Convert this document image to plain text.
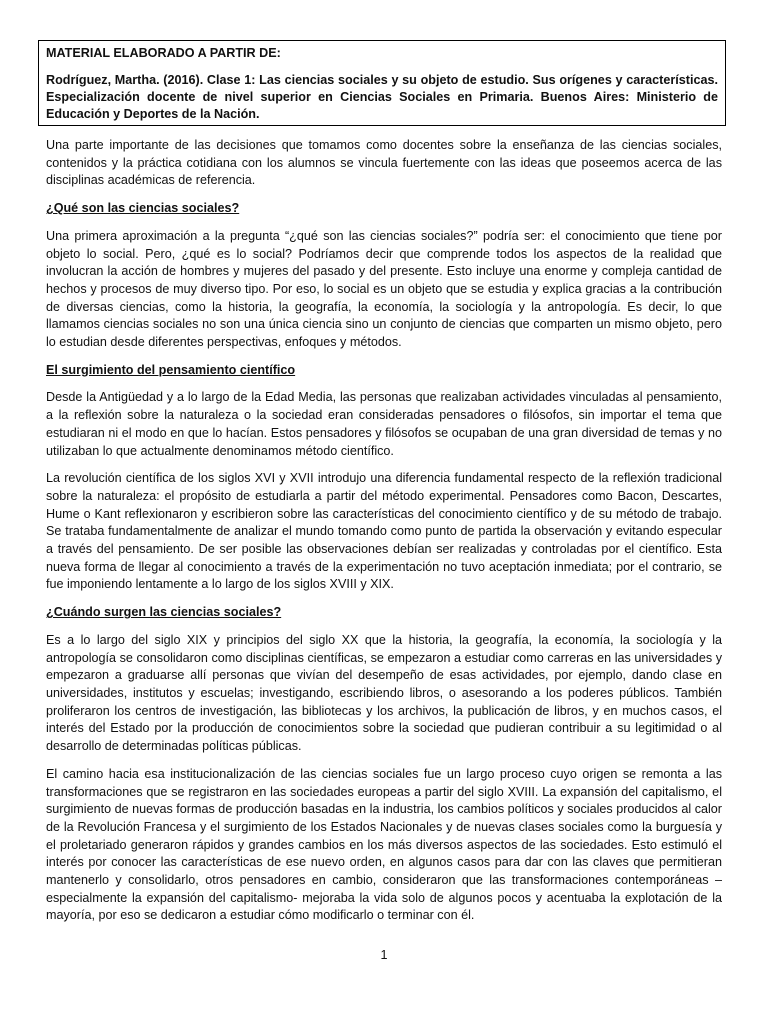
MATERIAL ELABORADO A PARTIR DE:

Rodríguez, Martha. (2016). Clase 1: Las ciencias sociales y su objeto de estudio. Sus orígenes y características. Especialización docente de nivel superior en Ciencias Sociales en Primaria. Buenos Aires: Ministerio de Educación y Deportes de la Nación.

Una parte importante de las decisiones que tomamos como docentes sobre la enseñanza de las ciencias sociales, contenidos y la práctica cotidiana con los alumnos se vincula fuertemente con las ideas que poseemos acerca de las disciplinas académicas de referencia.

¿Qué son las ciencias sociales?

Una primera aproximación a la pregunta “¿qué son las ciencias sociales?” podría ser: el conocimiento que tiene por objeto lo social. Pero, ¿qué es lo social? Podríamos decir que comprende todos los aspectos de la realidad que involucran la acción de hombres y mujeres del pasado y del presente. Esto incluye una enorme y compleja cantidad de hechos y procesos de muy diverso tipo. Por eso, lo social es un objeto que se estudia y explica gracias a la contribución de diversas ciencias, como la historia, la geografía, la economía, la sociología y la antropología. Es decir, lo que llamamos ciencias sociales no son una única ciencia sino un conjunto de ciencias que comparten un mismo objeto, pero lo estudian desde diferentes perspectivas, enfoques y métodos.

El surgimiento del pensamiento científico

Desde la Antigüedad y a lo largo de la Edad Media, las personas que realizaban actividades vinculadas al pensamiento, a la reflexión sobre la naturaleza o la sociedad eran consideradas pensadores o filósofos, sin importar el tema que estudiaran ni el modo en que lo hacían. Estos pensadores y filósofos se ocupaban de una gran diversidad de temas y no utilizaban lo que actualmente denominamos método científico.

La revolución científica de los siglos XVI y XVII introdujo una diferencia fundamental respecto de la reflexión tradicional sobre la naturaleza: el propósito de estudiarla a partir del método experimental. Pensadores como Bacon, Descartes, Hume o Kant reflexionaron y escribieron sobre las características del conocimiento científico y de su método de trabajo. Se trataba fundamentalmente de analizar el mundo tomando como punto de partida la observación y evitando especular a través del pensamiento. De ser posible las observaciones debían ser realizadas y controladas por el científico. Esta nueva forma de llegar al conocimiento a través de la experimentación no tuvo aceptación inmediata; por el contrario, se fue imponiendo lentamente a lo largo de los siglos XVIII y XIX.

¿Cuándo surgen las ciencias sociales?

Es a lo largo del siglo XIX y principios del siglo XX que la historia, la geografía, la economía, la sociología y la antropología se consolidaron como disciplinas científicas, se empezaron a estudiar como carreras en las universidades y empezaron a graduarse allí personas que vivían del desempeño de esas actividades, por ejemplo, dando clase en universidades, institutos y escuelas; investigando, escribiendo libros, o asesorando a los poderes públicos. También proliferaron los centros de investigación, las bibliotecas y los archivos, la publicación de libros, y en muchos casos, el interés del Estado por la producción de conocimientos sobre la sociedad que pudieran contribuir a su legitimidad o al desarrollo de determinadas políticas públicas.

El camino hacia esa institucionalización de las ciencias sociales fue un largo proceso cuyo origen se remonta a las transformaciones que se registraron en las sociedades europeas a partir del siglo XVIII. La expansión del capitalismo, el surgimiento de nuevas formas de producción basadas en la industria, los cambios políticos y sociales producidos al calor de la Revolución Francesa y el surgimiento de los Estados Nacionales y de nuevas clases sociales como la burguesía y el proletariado generaron rápidos y grandes cambios en los más diversos aspectos de las sociedades. Esto estimuló el interés por conocer las características de ese nuevo orden, en algunos casos para dar con las claves que permitieran mantenerlo y consolidarlo, otros pensadores en cambio, consideraron que las transformaciones contemporáneas –especialmente la expansión del capitalismo- mejoraba la vida solo de algunos pocos y acentuaba la explotación de la mayoría, por eso se dedicaron a estudiar cómo modificarlo o terminar con él.

1
